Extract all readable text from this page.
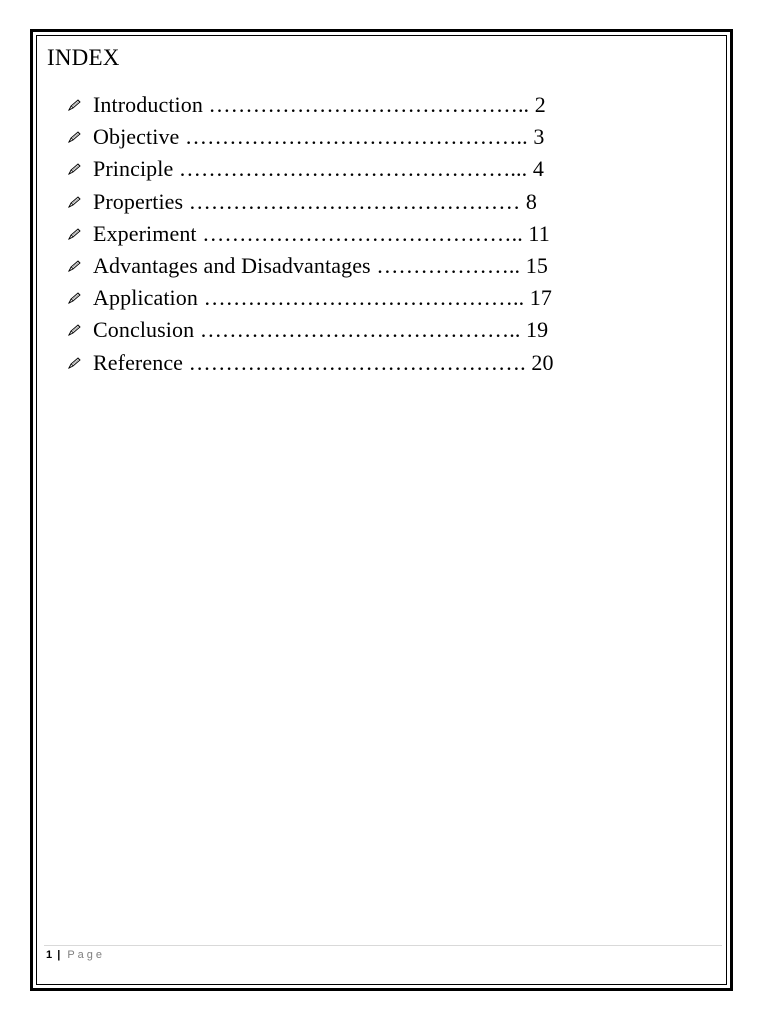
INDEX
Introduction …………………………………….. 2
Objective ……………………………………….. 3
Principle ………………………………………... 4
Properties ……………………………………… 8
Experiment …………………………………….. 11
Advantages and Disadvantages ……………….. 15
Application …………………………………….. 17
Conclusion …………………………………….. 19
Reference ………………………………………. 20
1 | Page
